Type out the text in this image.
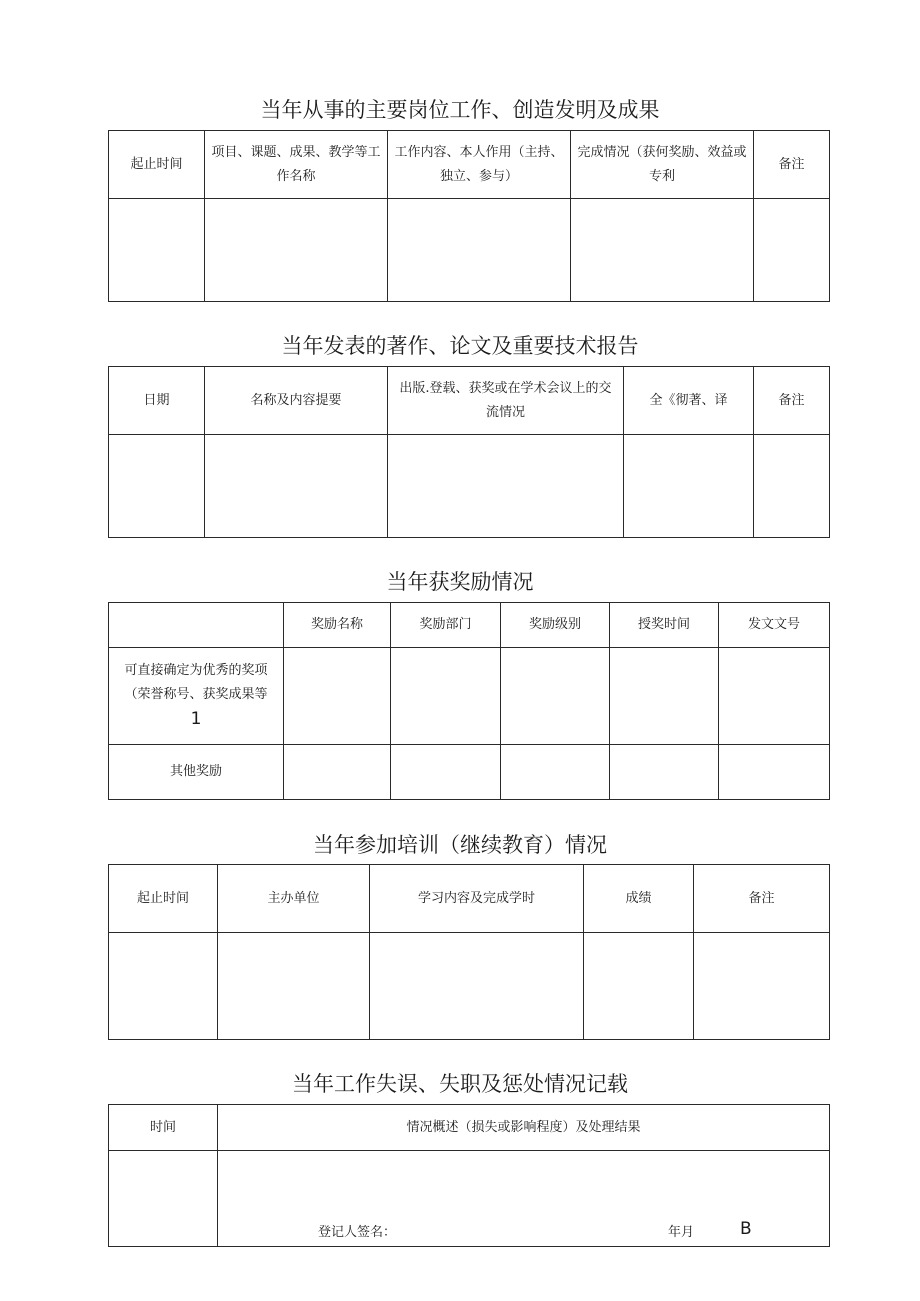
当年从事的主要岗位工作、创造发明及成果
起止时间	项目、课题、成果、教学等工作名称	工作内容、本人作用（主持、独立、参与）	完成情况（获何奖励、效益或专利	备注

当年发表的著作、论文及重要技术报告
日期	名称及内容提要	出版.登载、获奖或在学术会议上的交流情况	全《彻著、译	备注

当年获奖励情况
	奖励名称	奖励部门	奖励级别	授奖时间	发文文号
可直接确定为优秀的奖项（荣誉称号、获奖成果等
1					
其他奖励					
当年参加培训（继续教育）情况
起止时间	主办单位	学习内容及完成学时	成绩	备注

当年工作失误、失职及惩处情况记载
时间	情况概述（损失或影响程度）及处理结果

	登记人签名： 年月 B
